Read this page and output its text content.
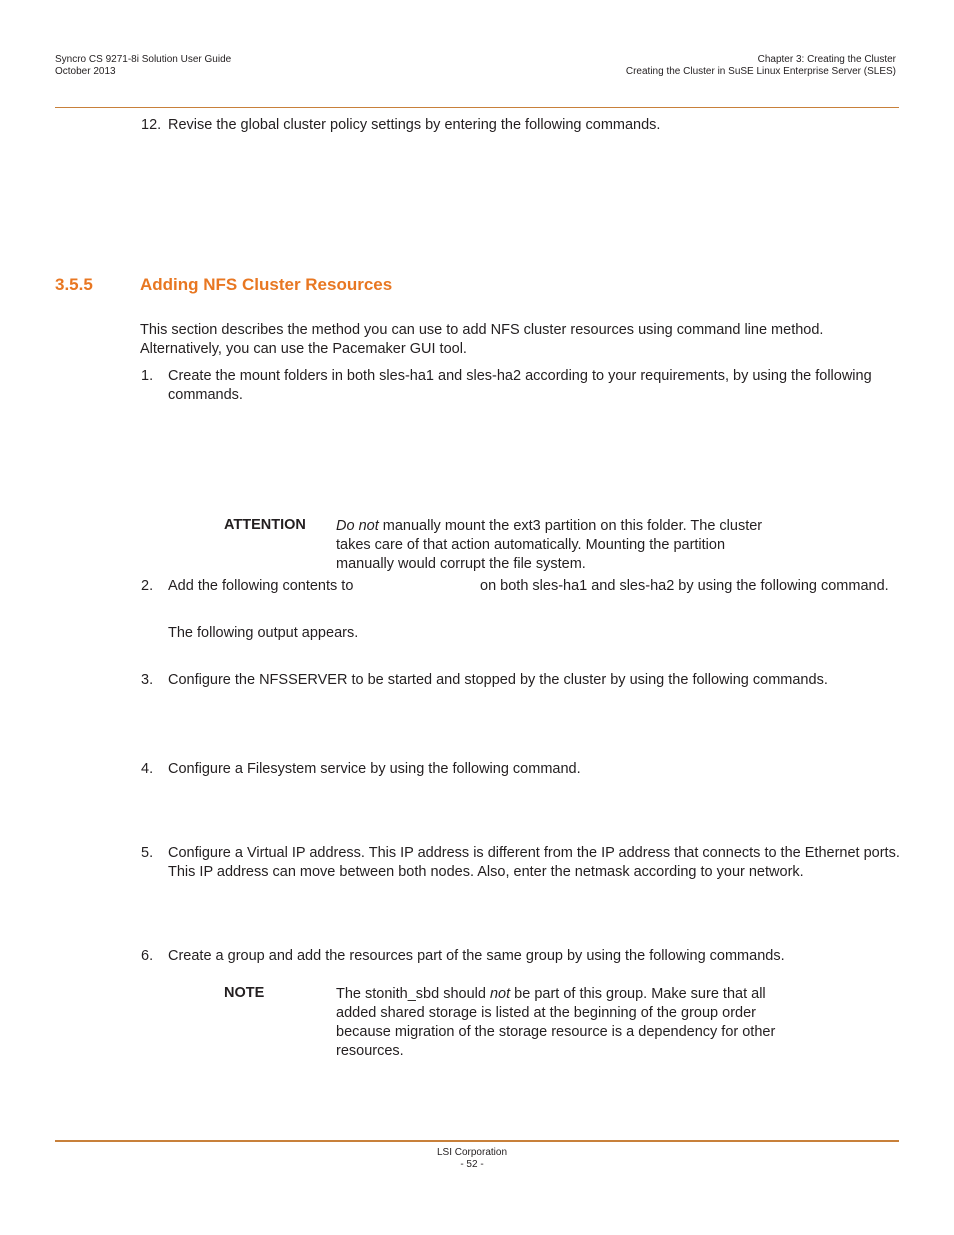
Syncro CS 9271-8i Solution User Guide
October 2013
Chapter 3: Creating the Cluster
Creating the Cluster in SuSE Linux Enterprise Server (SLES)
12. Revise the global cluster policy settings by entering the following commands.
3.5.5	Adding NFS Cluster Resources
This section describes the method you can use to add NFS cluster resources using command line method.
Alternatively, you can use the Pacemaker GUI tool.
1. Create the mount folders in both sles-ha1 and sles-ha2 according to your requirements, by using the following
commands.
ATTENTION Do not manually mount the ext3 partition on this folder. The cluster
takes care of that action automatically. Mounting the partition
manually would corrupt the file system.
2. Add the following contents to	on both sles-ha1 and sles-ha2 by using the following command.
The following output appears.
3. Configure the NFSSERVER to be started and stopped by the cluster by using the following commands.
4. Configure a Filesystem service by using the following command.
5. Configure a Virtual IP address. This IP address is different from the IP address that connects to the Ethernet ports.
This IP address can move between both nodes. Also, enter the netmask according to your network.
6. Create a group and add the resources part of the same group by using the following commands.
NOTE	The stonith_sbd should not be part of this group. Make sure that all
added shared storage is listed at the beginning of the group order
because migration of the storage resource is a dependency for other
resources.
LSI Corporation
- 52 -
